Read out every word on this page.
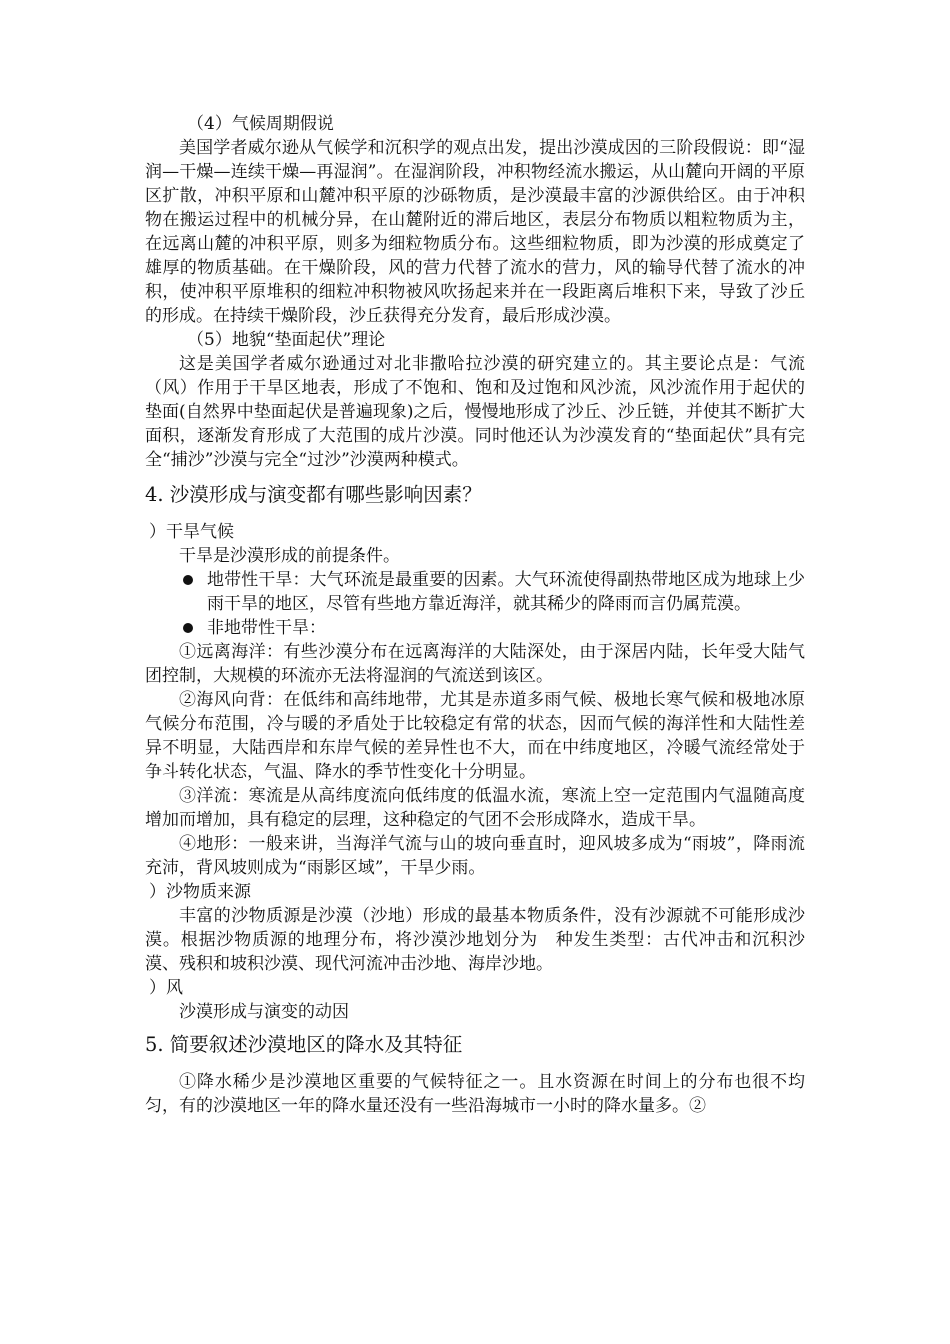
（4）气候周期假说

美国学者威尔逊从气候学和沉积学的观点出发，提出沙漠成因的三阶段假说：即“湿润—干燥—连续干燥—再湿润”。在湿润阶段，冲积物经流水搬运，从山麓向开阔的平原区扩散，冲积平原和山麓冲积平原的沙砾物质，是沙漠最丰富的沙源供给区。由于冲积物在搬运过程中的机械分异，在山麓附近的滞后地区，表层分布物质以粗粒物质为主，在远离山麓的冲积平原，则多为细粒物质分布。这些细粒物质，即为沙漠的形成奠定了雄厚的物质基础。在干燥阶段，风的营力代替了流水的营力，风的输导代替了流水的冲积，使冲积平原堆积的细粒冲积物被风吹扬起来并在一段距离后堆积下来，导致了沙丘的形成。在持续干燥阶段，沙丘获得充分发育，最后形成沙漠。

（5）地貌“垫面起伏”理论

这是美国学者威尔逊通过对北非撒哈拉沙漠的研究建立的。其主要论点是：气流（风）作用于干旱区地表，形成了不饱和、饱和及过饱和风沙流，风沙流作用于起伏的垫面(自然界中垫面起伏是普遍现象)之后，慢慢地形成了沙丘、沙丘链，并使其不断扩大面积，逐渐发育形成了大范围的成片沙漠。同时他还认为沙漠发育的“垫面起伏”具有完全“捕沙”沙漠与完全“过沙”沙漠两种模式。

4. 沙漠形成与演变都有哪些影响因素？

）干旱气候

干旱是沙漠形成的前提条件。

地带性干旱：大气环流是最重要的因素。大气环流使得副热带地区成为地球上少雨干旱的地区，尽管有些地方靠近海洋，就其稀少的降雨而言仍属荒漠。
非地带性干旱：

①远离海洋：有些沙漠分布在远离海洋的大陆深处，由于深居内陆，长年受大陆气团控制，大规模的环流亦无法将湿润的气流送到该区。

②海风向背：在低纬和高纬地带，尤其是赤道多雨气候、极地长寒气候和极地冰原气候分布范围，冷与暖的矛盾处于比较稳定有常的状态，因而气候的海洋性和大陆性差异不明显，大陆西岸和东岸气候的差异性也不大，而在中纬度地区，冷暖气流经常处于争斗转化状态，气温、降水的季节性变化十分明显。

③洋流：寒流是从高纬度流向低纬度的低温水流，寒流上空一定范围内气温随高度增加而增加，具有稳定的层理，这种稳定的气团不会形成降水，造成干旱。

④地形：一般来讲，当海洋气流与山的坡向垂直时，迎风坡多成为“雨坡”，降雨流充沛，背风坡则成为“雨影区域”，干旱少雨。

）沙物质来源

丰富的沙物质源是沙漠（沙地）形成的最基本物质条件，没有沙源就不可能形成沙漠。根据沙物质源的地理分布，将沙漠沙地划分为　种发生类型：古代冲击和沉积沙漠、残积和坡积沙漠、现代河流冲击沙地、海岸沙地。

）风

沙漠形成与演变的动因

5. 简要叙述沙漠地区的降水及其特征

①降水稀少是沙漠地区重要的气候特征之一。且水资源在时间上的分布也很不均匀，有的沙漠地区一年的降水量还没有一些沿海城市一小时的降水量多。②
